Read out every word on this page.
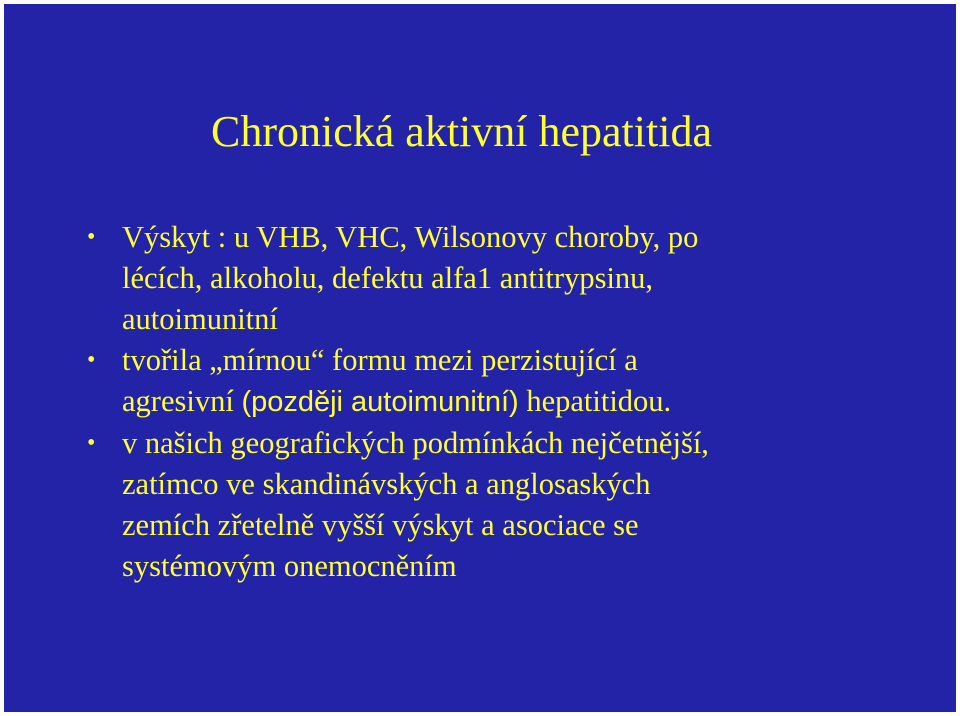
Chronická aktivní hepatitida
• Výskyt : u VHB, VHC, Wilsonovy choroby, po
lécích, alkoholu, defektu alfa1 antitrypsinu,
autoimunitní
• tvořila „mírnou“ formu mezi perzistující a
agresivní (později autoimunitní) hepatitidou.
• v našich geografických podmínkách nejčetnější,
zatímco ve skandinávských a anglosaských
zemích zřetelně vyšší výskyt a asociace se
systémovým onemocněním
